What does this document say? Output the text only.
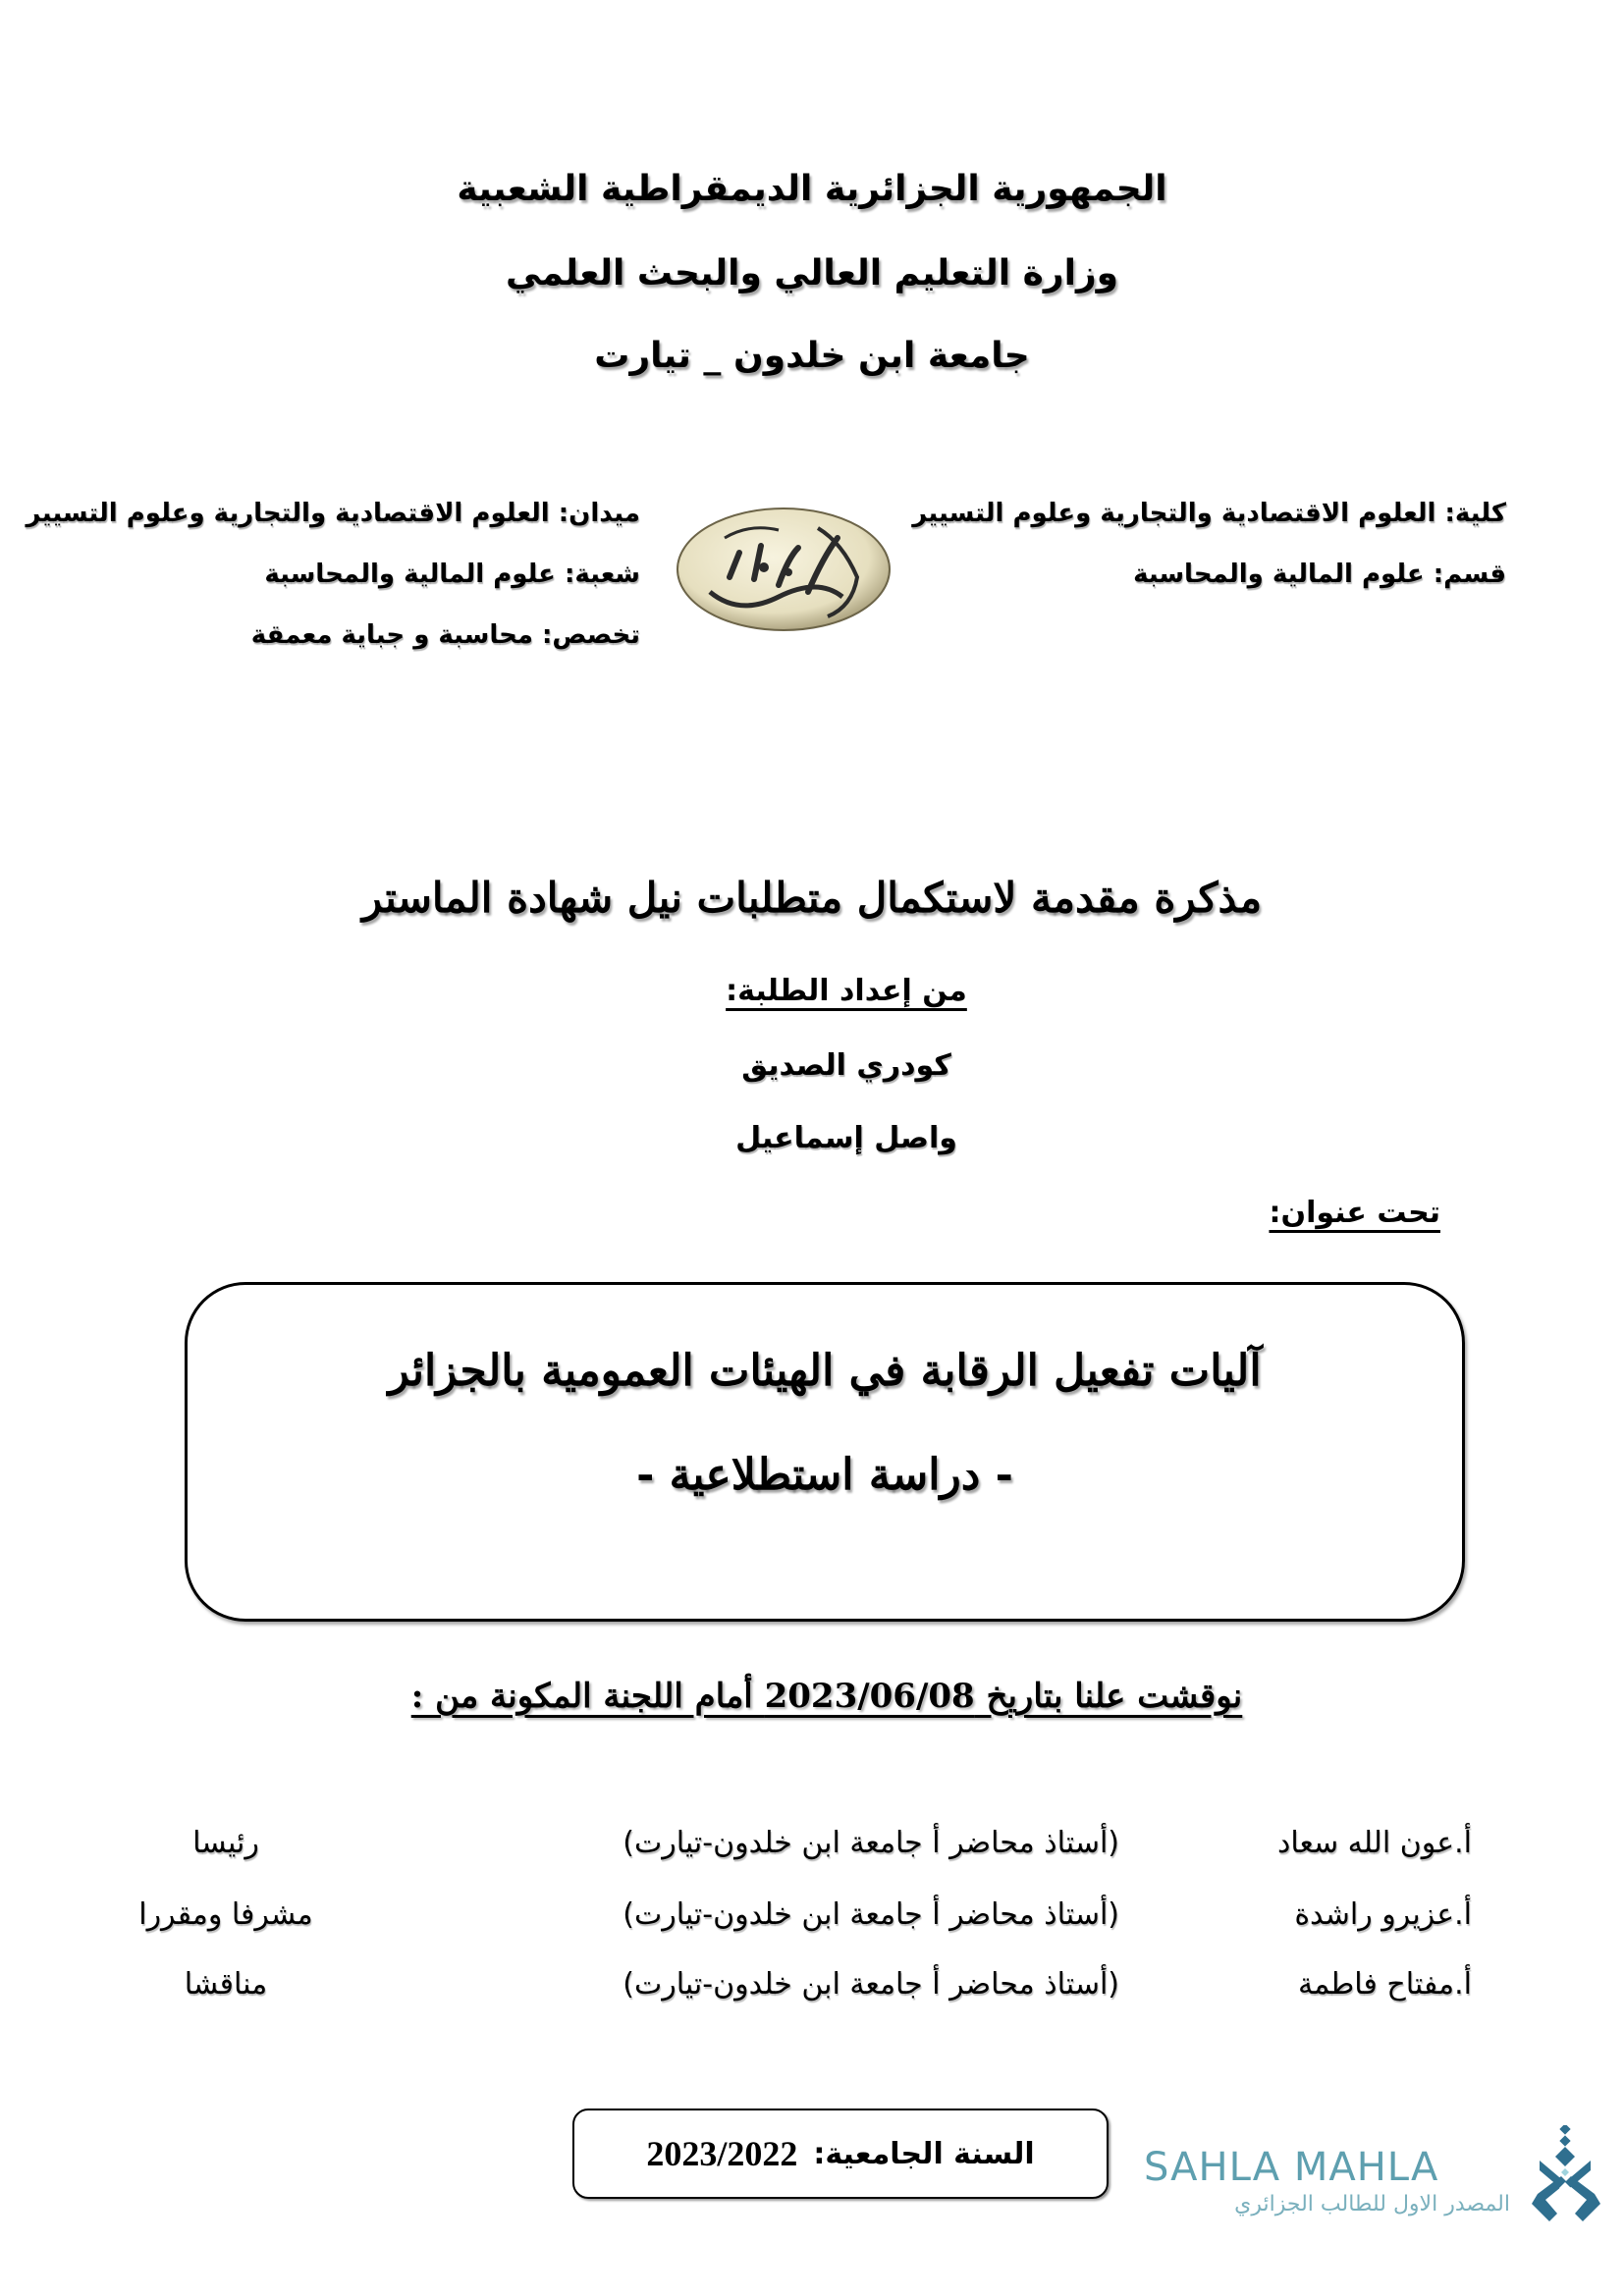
الجمهورية الجزائرية الديمقراطية الشعبية
وزارة التعليم العالي والبحث العلمي
جامعة ابن خلدون _ تيارت
كلية: العلوم الاقتصادية والتجارية وعلوم التسيير
قسم: علوم المالية والمحاسبة
ميدان: العلوم الاقتصادية والتجارية وعلوم التسيير
شعبة: علوم المالية والمحاسبة
تخصص: محاسبة و جباية معمقة
مذكرة مقدمة لاستكمال متطلبات نيل شهادة الماستر
من إعداد الطلبة:
كودري الصديق
واصل إسماعيل
تحت عنوان:
آليات تفعيل الرقابة في الهيئات العمومية بالجزائر
- دراسة استطلاعية -
نوقشت علنا بتاريخ 2023/06/08 أمام اللجنة المكونة من :
أ.عون الله سعاد
(أستاذ محاضر أ جامعة ابن خلدون-تيارت)
رئيسا
أ.عزيرو راشدة
(أستاذ محاضر أ جامعة ابن خلدون-تيارت)
مشرفا ومقررا
أ.مفتاح فاطمة
(أستاذ محاضر أ جامعة ابن خلدون-تيارت)
مناقشا
السنة الجامعية:
2023/2022	SAHLA MAHLA
المصدر الاول للطالب الجزائري
